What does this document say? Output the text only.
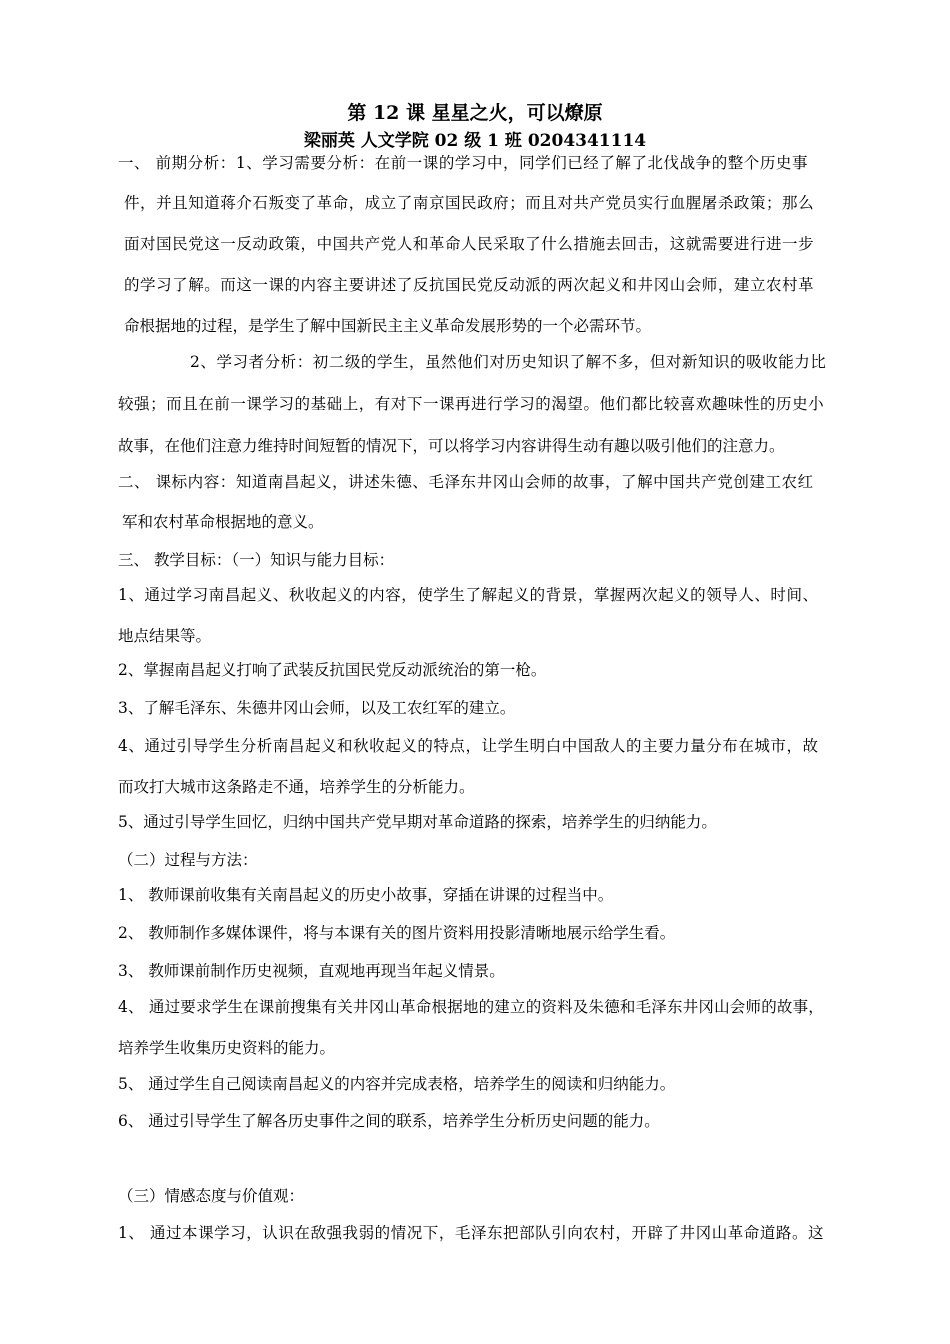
第 12 课 星星之火，可以燎原
梁丽英 人文学院 02 级 1 班 0204341114
一、 前期分析：1、学习需要分析：在前一课的学习中，同学们已经了解了北伐战争的整个历史事
件，并且知道蒋介石叛变了革命，成立了南京国民政府；而且对共产党员实行血腥屠杀政策；那么
面对国民党这一反动政策，中国共产党人和革命人民采取了什么措施去回击，这就需要进行进一步
的学习了解。而这一课的内容主要讲述了反抗国民党反动派的两次起义和井冈山会师，建立农村革
命根据地的过程，是学生了解中国新民主主义革命发展形势的一个必需环节。
2、学习者分析：初二级的学生，虽然他们对历史知识了解不多，但对新知识的吸收能力比
较强；而且在前一课学习的基础上，有对下一课再进行学习的渴望。他们都比较喜欢趣味性的历史小
故事，在他们注意力维持时间短暂的情况下，可以将学习内容讲得生动有趣以吸引他们的注意力。
二、 课标内容：知道南昌起义，讲述朱德、毛泽东井冈山会师的故事，了解中国共产党创建工农红
军和农村革命根据地的意义。
三、 教学目标：（一）知识与能力目标：
1、通过学习南昌起义、秋收起义的内容，使学生了解起义的背景，掌握两次起义的领导人、时间、
地点结果等。
2、掌握南昌起义打响了武装反抗国民党反动派统治的第一枪。
3、了解毛泽东、朱德井冈山会师，以及工农红军的建立。
4、通过引导学生分析南昌起义和秋收起义的特点，让学生明白中国敌人的主要力量分布在城市，故
而攻打大城市这条路走不通，培养学生的分析能力。
5、通过引导学生回忆，归纳中国共产党早期对革命道路的探索，培养学生的归纳能力。
（二）过程与方法：
1、 教师课前收集有关南昌起义的历史小故事，穿插在讲课的过程当中。
2、 教师制作多媒体课件，将与本课有关的图片资料用投影清晰地展示给学生看。
3、 教师课前制作历史视频，直观地再现当年起义情景。
4、 通过要求学生在课前搜集有关井冈山革命根据地的建立的资料及朱德和毛泽东井冈山会师的故事，
培养学生收集历史资料的能力。
5、 通过学生自己阅读南昌起义的内容并完成表格，培养学生的阅读和归纳能力。
6、 通过引导学生了解各历史事件之间的联系，培养学生分析历史问题的能力。
（三）情感态度与价值观：
1、 通过本课学习，认识在敌强我弱的情况下，毛泽东把部队引向农村，开辟了井冈山革命道路。这
